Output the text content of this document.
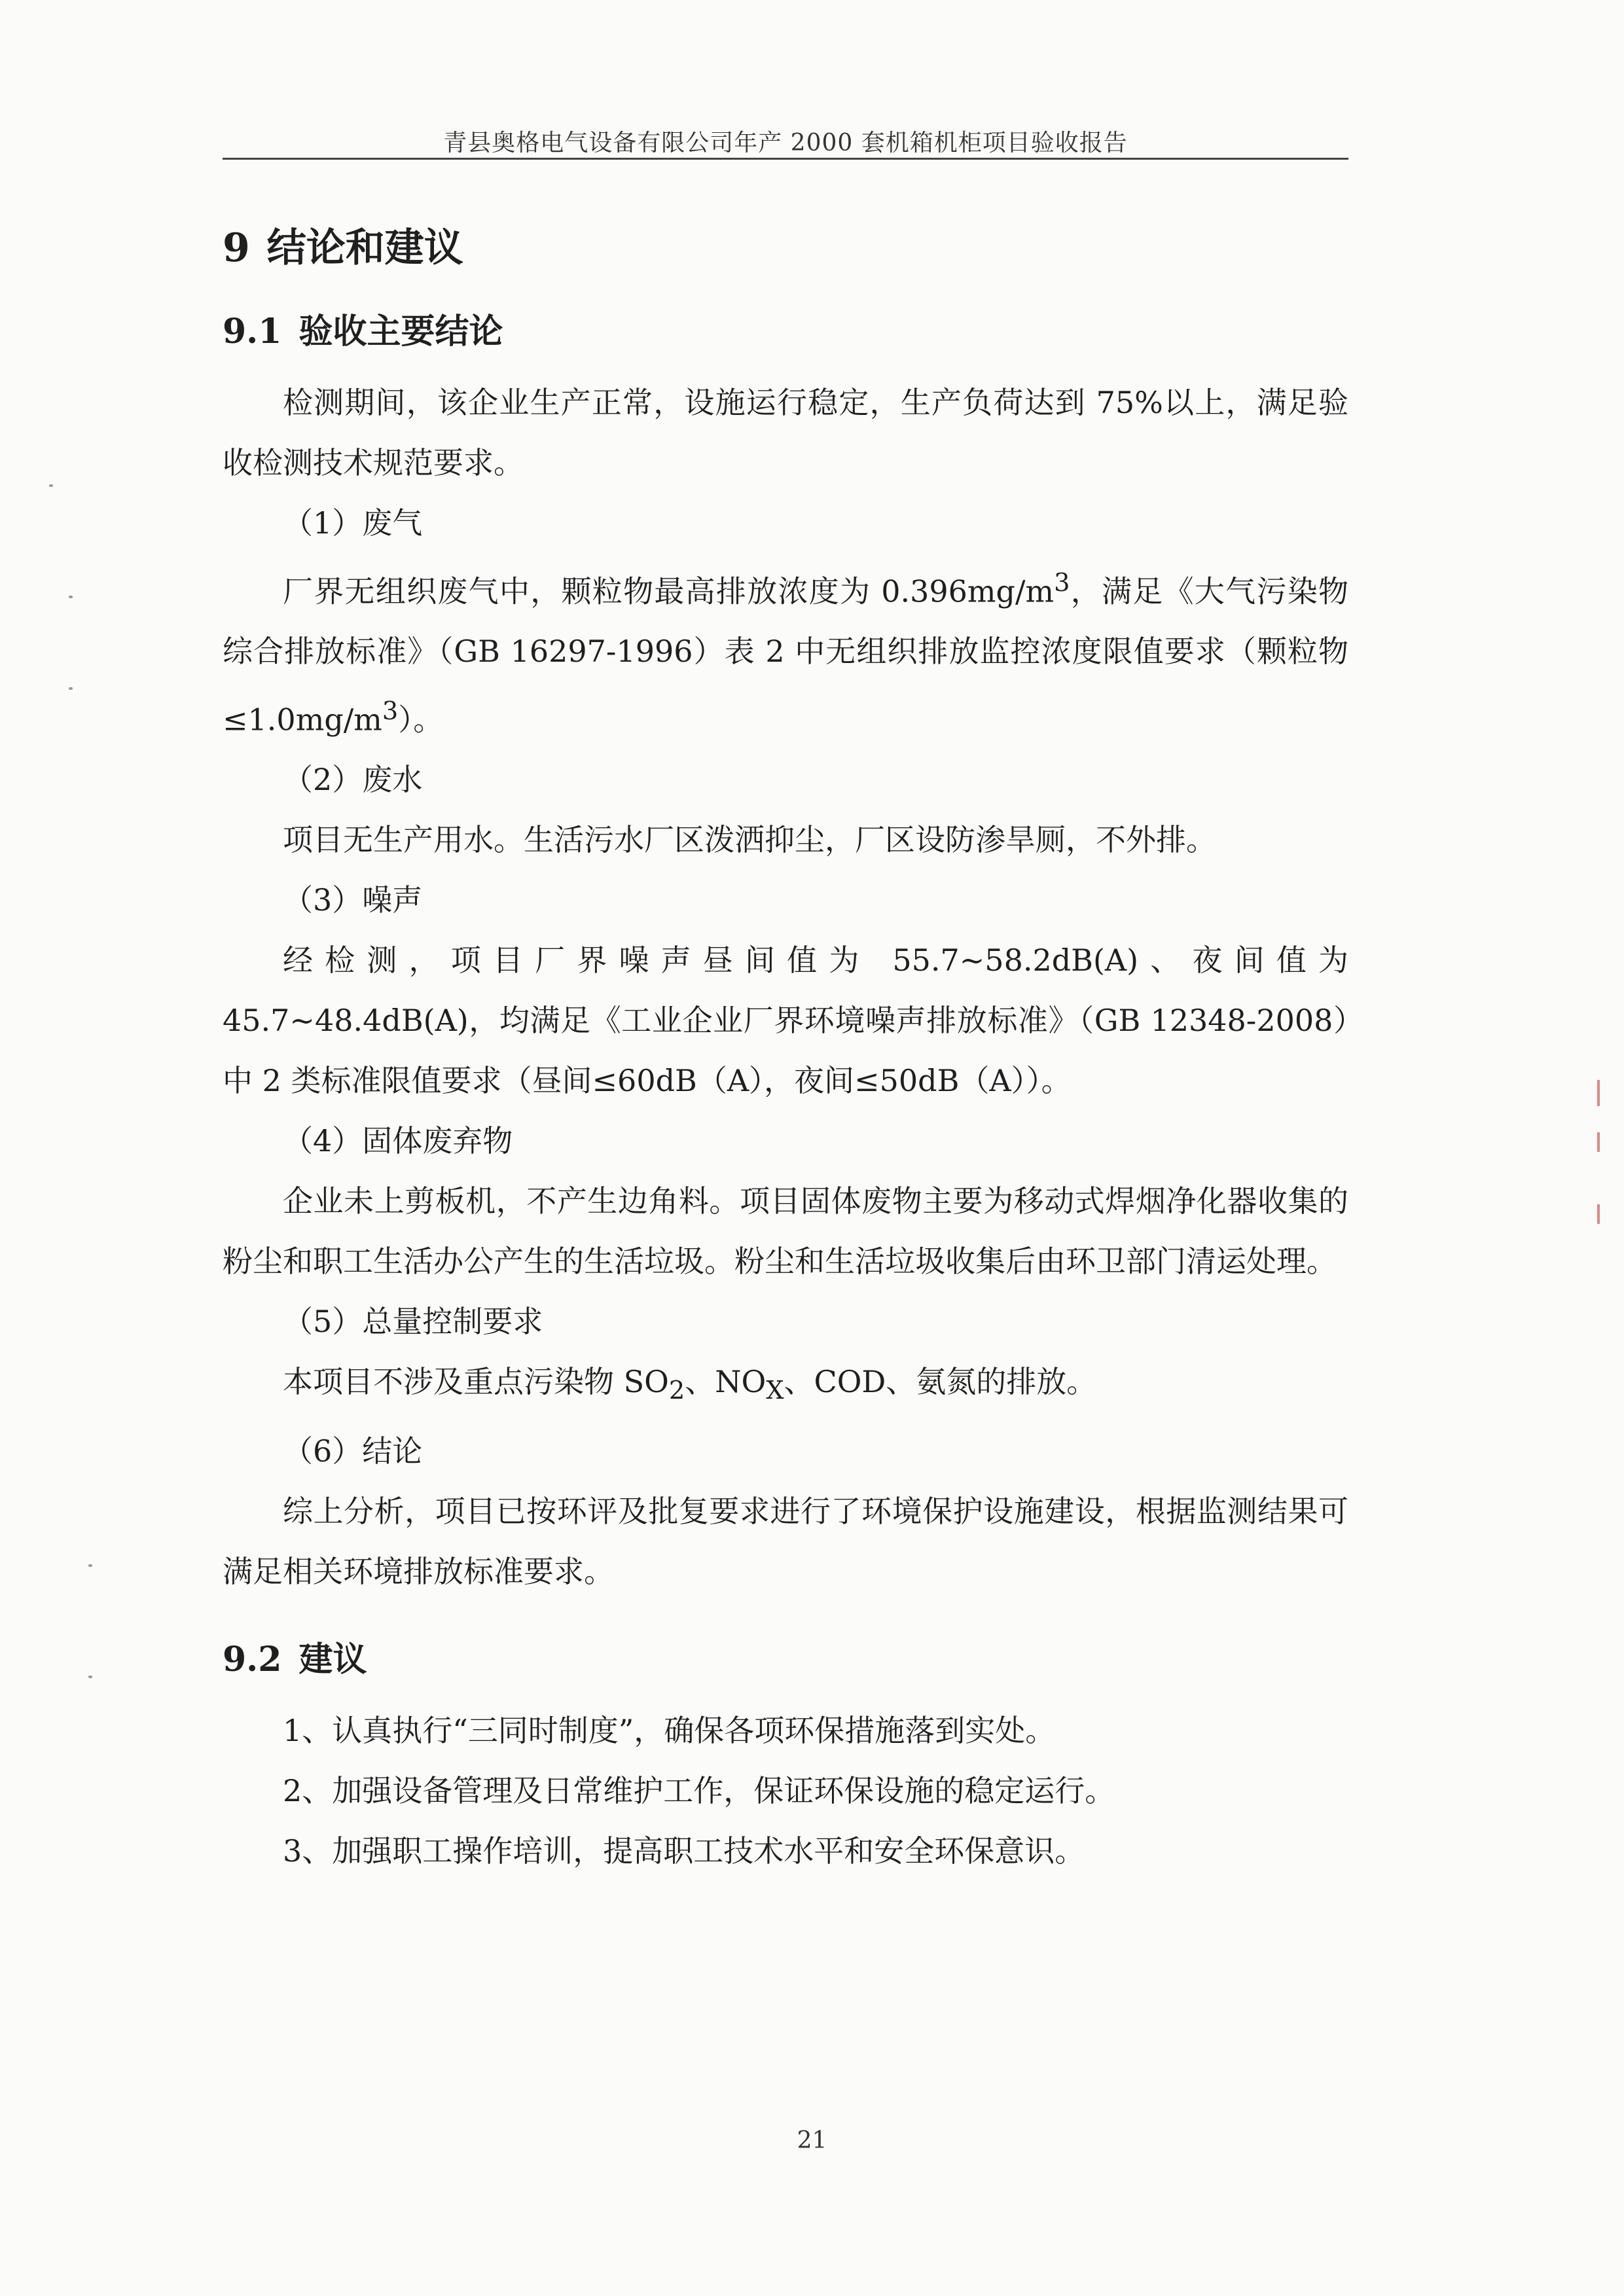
青县奥格电气设备有限公司年产 2000 套机箱机柜项目验收报告
9 结论和建议
9.1 验收主要结论

检测期间，该企业生产正常，设施运行稳定，生产负荷达到 75%以上，满足验收检测技术规范要求。

（1）废气

厂界无组织废气中，颗粒物最高排放浓度为 $0.396mg/m^3$，满足《大气污染物综合排放标准》（GB 16297-1996）表 2 中无组织排放监控浓度限值要求（颗粒物$\le 1.0mg/m^3$）。

（2）废水

项目无生产用水。生活污水厂区泼洒抑尘，厂区设防渗旱厕，不外排。

（3）噪声

经检测，项目厂界噪声昼间值为 55.7~58.2dB(A)、夜间值为 45.7~48.4dB(A)，均满足《工业企业厂界环境噪声排放标准》（GB 12348-2008）中 2 类标准限值要求（昼间≤60dB（A），夜间≤50dB（A））。

（4）固体废弃物

企业未上剪板机，不产生边角料。项目固体废物主要为移动式焊烟净化器收集的粉尘和职工生活办公产生的生活垃圾。粉尘和生活垃圾收集后由环卫部门清运处理。

（5）总量控制要求

本项目不涉及重点污染物 $SO_2$、$NO_X$、COD、氨氮的排放。

（6）结论

综上分析，项目已按环评及批复要求进行了环境保护设施建设，根据监测结果可满足相关环境排放标准要求。

9.2 建议

1、认真执行“三同时制度”，确保各项环保措施落到实处。

2、加强设备管理及日常维护工作，保证环保设施的稳定运行。

3、加强职工操作培训，提高职工技术水平和安全环保意识。

21
